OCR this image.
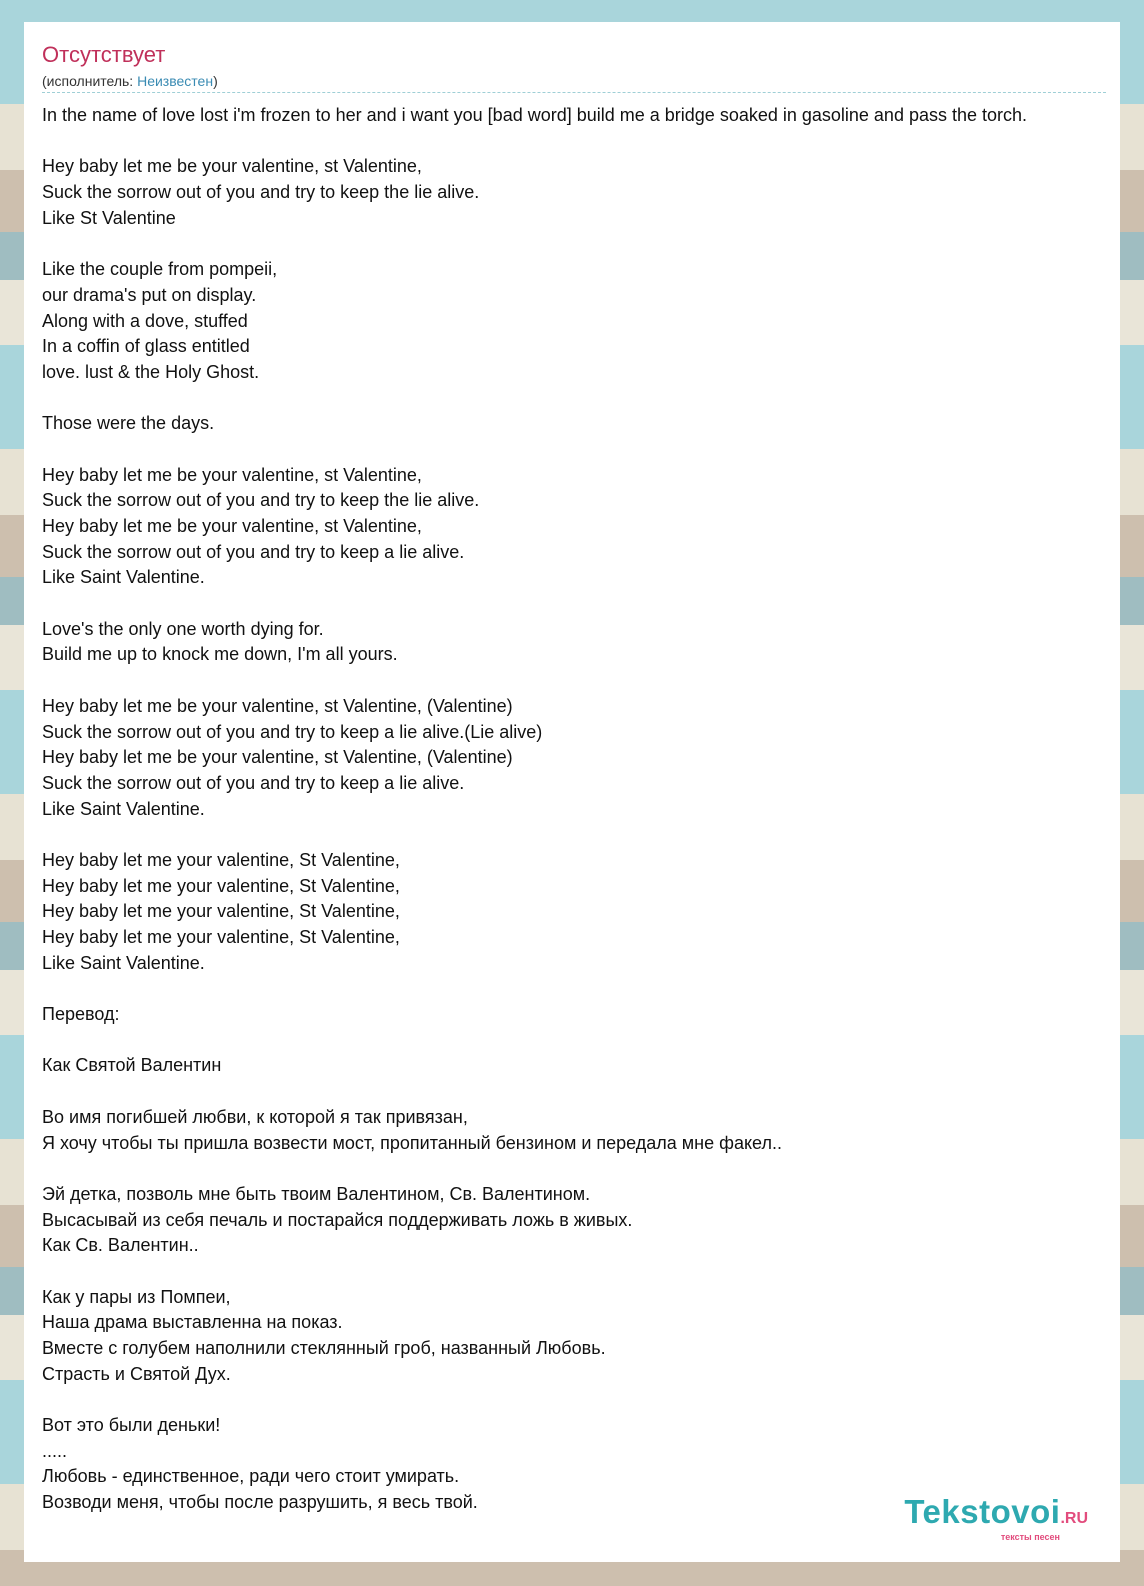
Отсутствует
(исполнитель: Неизвестен)
In the name of love lost i'm frozen to her and i want you [bad word] build me a bridge soaked in gasoline and pass the torch.
Hey baby let me be your valentine, st Valentine,
Suck the sorrow out of you and try to keep the lie alive.
Like St Valentine
Like the couple from pompeii,
our drama's put on display.
Along with a dove, stuffed
In a coffin of glass entitled
love. lust & the Holy Ghost.
Those were the days.
Hey baby let me be your valentine, st Valentine,
Suck the sorrow out of you and try to keep the lie alive.
Hey baby let me be your valentine, st Valentine,
Suck the sorrow out of you and try to keep a lie alive.
Like Saint Valentine.
Love's the only one worth dying for.
Build me up to knock me down, I'm all yours.
Hey baby let me be your valentine, st Valentine, (Valentine)
Suck the sorrow out of you and try to keep a lie alive.(Lie alive)
Hey baby let me be your valentine, st Valentine, (Valentine)
Suck the sorrow out of you and try to keep a lie alive.
Like Saint Valentine.
Hey baby let me your valentine, St Valentine,
Hey baby let me your valentine, St Valentine,
Hey baby let me your valentine, St Valentine,
Hey baby let me your valentine, St Valentine,
Like Saint Valentine.
Перевод:
Как Святой Валентин
Во имя погибшей любви, к которой я так привязан,
Я хочу чтобы ты пришла возвести мост, пропитанный бензином и передала мне факел..
Эй детка, позволь мне быть твоим Валентином, Св. Валентином.
Высасывай из себя печаль и постарайся поддерживать ложь в живых.
Как Св. Валентин..
Как у пары из Помпеи,
Наша драма выставленна на показ.
Вместе с голубем наполнили стеклянный гроб, названный Любовь.
Страсть и Святой Дух.
Вот это были деньки!
.....
Любовь - единственное, ради чего стоит умирать.
Возводи меня, чтобы после разрушить, я весь твой.	Tekstovoi.RU
тексты песен
